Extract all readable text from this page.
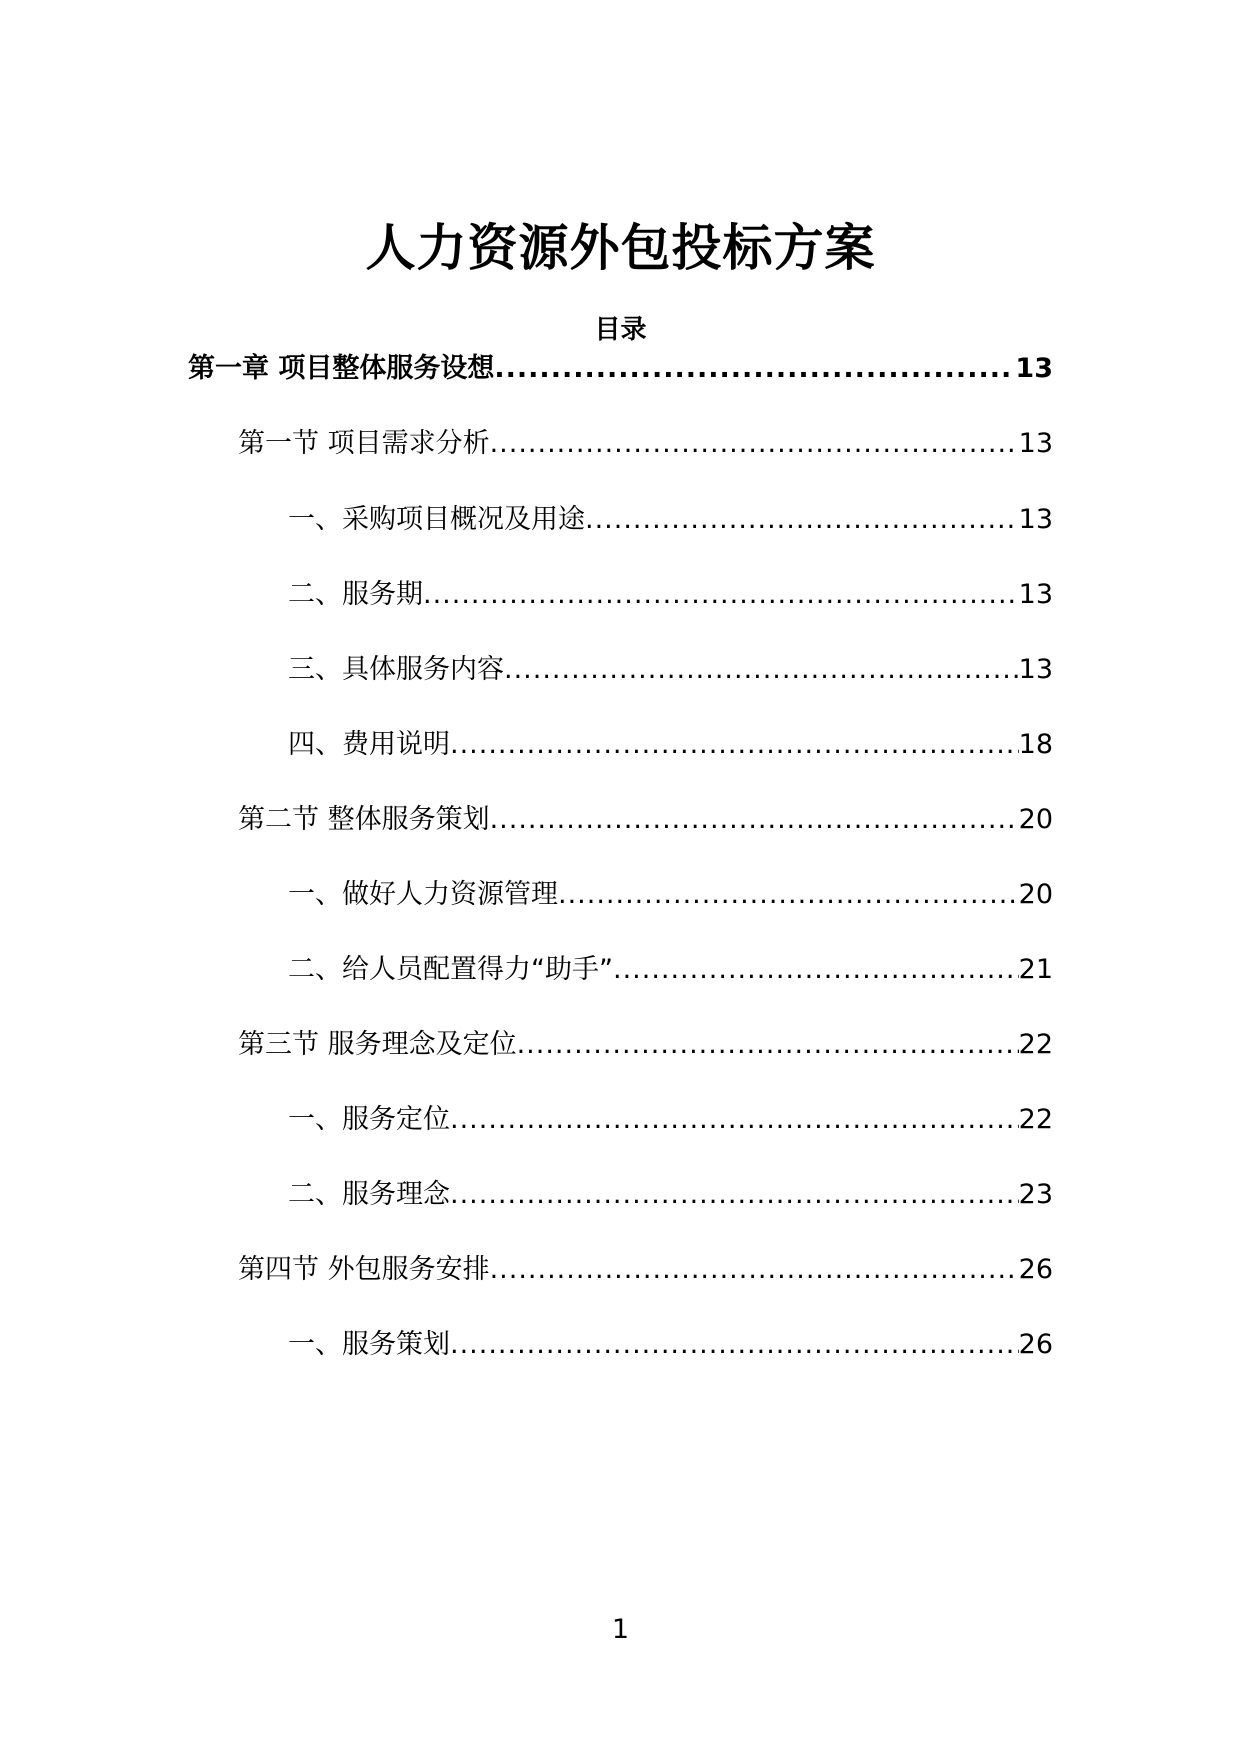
人力资源外包投标方案
目录
第一章 项目整体服务设想 .....	13
第一节 项目需求分析 .....	13
一、采购项目概况及用途 .....	13
二、服务期 .....	13
三、具体服务内容 .....	13
四、费用说明 .....	18
第二节 整体服务策划 .....	20
一、做好人力资源管理 .....	20
二、给人员配置得力“助手” .....	21
第三节 服务理念及定位 .....	22
一、服务定位 .....	22
二、服务理念 .....	23
第四节 外包服务安排 .....	26
一、服务策划 .....	26
1
